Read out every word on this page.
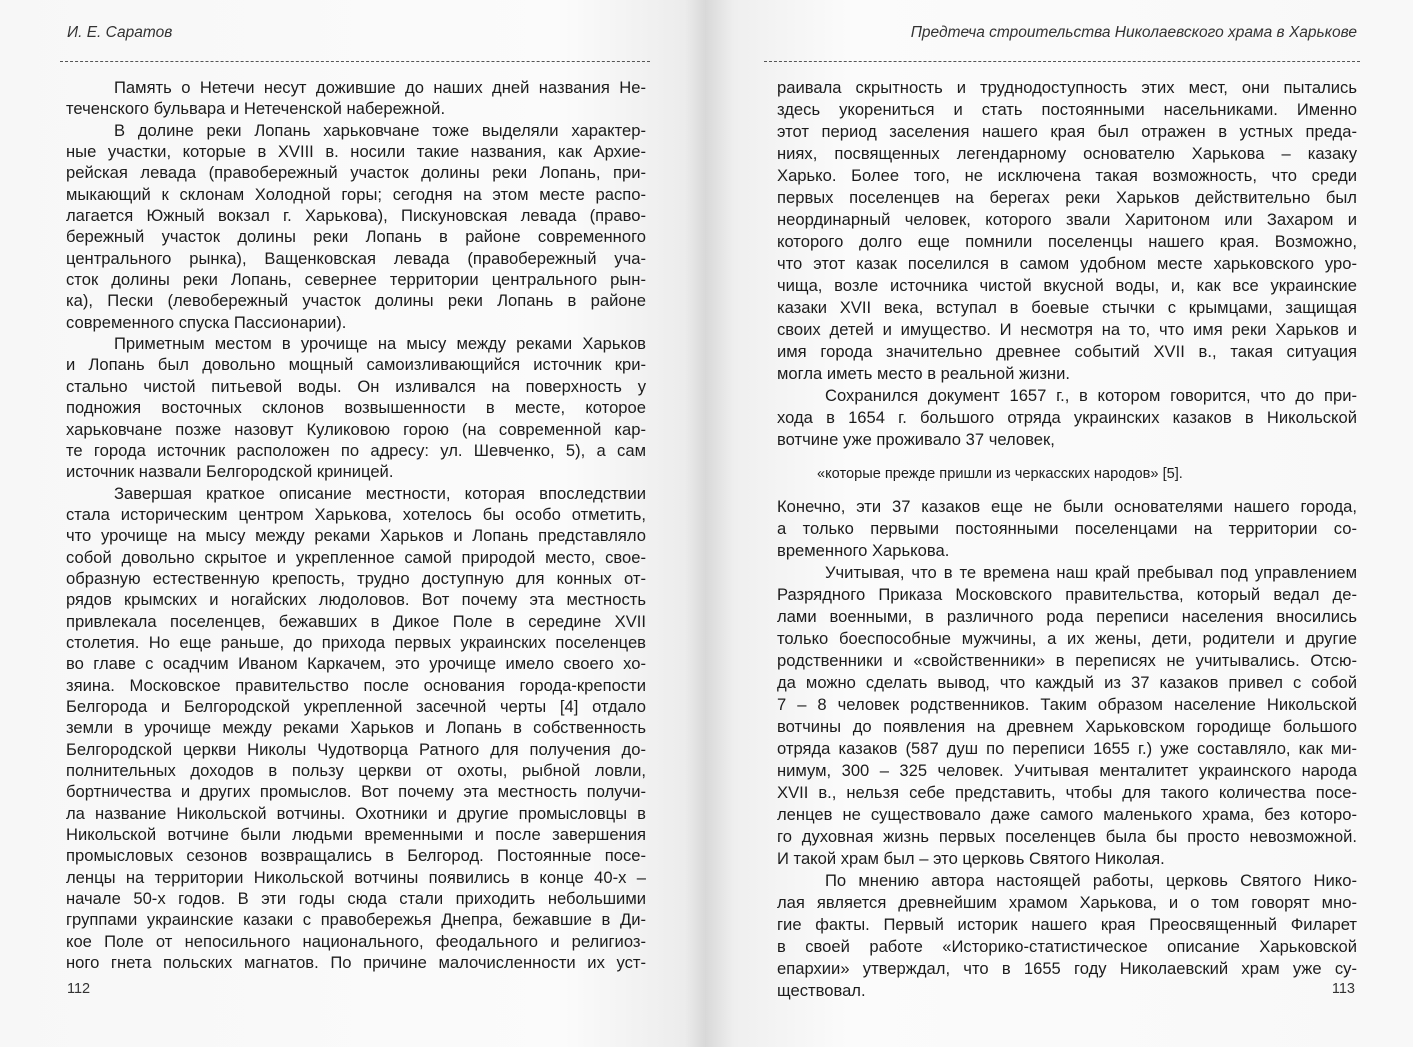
И. Е. Саратов
Память о Нетечи несут дожившие до наших дней названия Не-
теченского бульвара и Нетеченской набережной.
В долине реки Лопань харьковчане тоже выделяли характер-
ные участки, которые в XVIII в. носили такие названия, как Архие-
рейская левада (правобережный участок долины реки Лопань, при-
мыкающий к склонам Холодной горы; сегодня на этом месте распо-
лагается Южный вокзал г. Харькова), Пискуновская левада (право-
бережный участок долины реки Лопань в районе современного
центрального рынка), Ващенковская левада (правобережный уча-
сток долины реки Лопань, севернее территории центрального рын-
ка), Пески (левобережный участок долины реки Лопань в районе
современного спуска Пассионарии).
Приметным местом в урочище на мысу между реками Харьков
и Лопань был довольно мощный самоизливающийся источник кри-
стально чистой питьевой воды. Он изливался на поверхность у
подножия восточных склонов возвышенности в месте, которое
харьковчане позже назовут Куликовою горою (на современной кар-
те города источник расположен по адресу: ул. Шевченко, 5), а сам
источник назвали Белгородской криницей.
Завершая краткое описание местности, которая впоследствии
стала историческим центром Харькова, хотелось бы особо отметить,
что урочище на мысу между реками Харьков и Лопань представляло
собой довольно скрытое и укрепленное самой природой место, свое-
образную естественную крепость, трудно доступную для конных от-
рядов крымских и ногайских людоловов. Вот почему эта местность
привлекала поселенцев, бежавших в Дикое Поле в середине XVII
столетия. Но еще раньше, до прихода первых украинских поселенцев
во главе с осадчим Иваном Каркачем, это урочище имело своего хо-
зяина. Московское правительство после основания города-крепости
Белгорода и Белгородской укрепленной засечной черты [4] отдало
земли в урочище между реками Харьков и Лопань в собственность
Белгородской церкви Николы Чудотворца Ратного для получения до-
полнительных доходов в пользу церкви от охоты, рыбной ловли,
бортничества и других промыслов. Вот почему эта местность получи-
ла название Никольской вотчины. Охотники и другие промысловцы в
Никольской вотчине были людьми временными и после завершения
промысловых сезонов возвращались в Белгород. Постоянные посе-
ленцы на территории Никольской вотчины появились в конце 40-х –
начале 50-х годов. В эти годы сюда стали приходить небольшими
группами украинские казаки с правобережья Днепра, бежавшие в Ди-
кое Поле от непосильного национального, феодального и религиоз-
ного гнета польских магнатов. По причине малочисленности их уст-
112
Предтеча строительства Николаевского храма в Харькове
раивала скрытность и труднодоступность этих мест, они пытались
здесь укорениться и стать постоянными насельниками. Именно
этот период заселения нашего края был отражен в устных преда-
ниях, посвященных легендарному основателю Харькова – казаку
Харько. Более того, не исключена такая возможность, что среди
первых поселенцев на берегах реки Харьков действительно был
неординарный человек, которого звали Харитоном или Захаром и
которого долго еще помнили поселенцы нашего края. Возможно,
что этот казак поселился в самом удобном месте харьковского уро-
чища, возле источника чистой вкусной воды, и, как все украинские
казаки XVII века, вступал в боевые стычки с крымцами, защищая
своих детей и имущество. И несмотря на то, что имя реки Харьков и
имя города значительно древнее событий XVII в., такая ситуация
могла иметь место в реальной жизни.
Сохранился документ 1657 г., в котором говорится, что до при-
хода в 1654 г. большого отряда украинских казаков в Никольской
вотчине уже проживало 37 человек,
«которые прежде пришли из черкасских народов» [5].
Конечно, эти 37 казаков еще не были основателями нашего города,
а только первыми постоянными поселенцами на территории со-
временного Харькова.
Учитывая, что в те времена наш край пребывал под управлением
Разрядного Приказа Московского правительства, который ведал де-
лами военными, в различного рода переписи населения вносились
только боеспособные мужчины, а их жены, дети, родители и другие
родственники и «свойственники» в переписях не учитывались. Отсю-
да можно сделать вывод, что каждый из 37 казаков привел с собой
7 – 8 человек родственников. Таким образом население Никольской
вотчины до появления на древнем Харьковском городище большого
отряда казаков (587 душ по переписи 1655 г.) уже составляло, как ми-
нимум, 300 – 325 человек. Учитывая менталитет украинского народа
XVII в., нельзя себе представить, чтобы для такого количества посе-
ленцев не существовало даже самого маленького храма, без которо-
го духовная жизнь первых поселенцев была бы просто невозможной.
И такой храм был – это церковь Святого Николая.
По мнению автора настоящей работы, церковь Святого Нико-
лая является древнейшим храмом Харькова, и о том говорят мно-
гие факты. Первый историк нашего края Преосвященный Филарет
в своей работе «Историко-статистическое описание Харьковской
епархии» утверждал, что в 1655 году Николаевский храм уже су-
ществовал.	113
